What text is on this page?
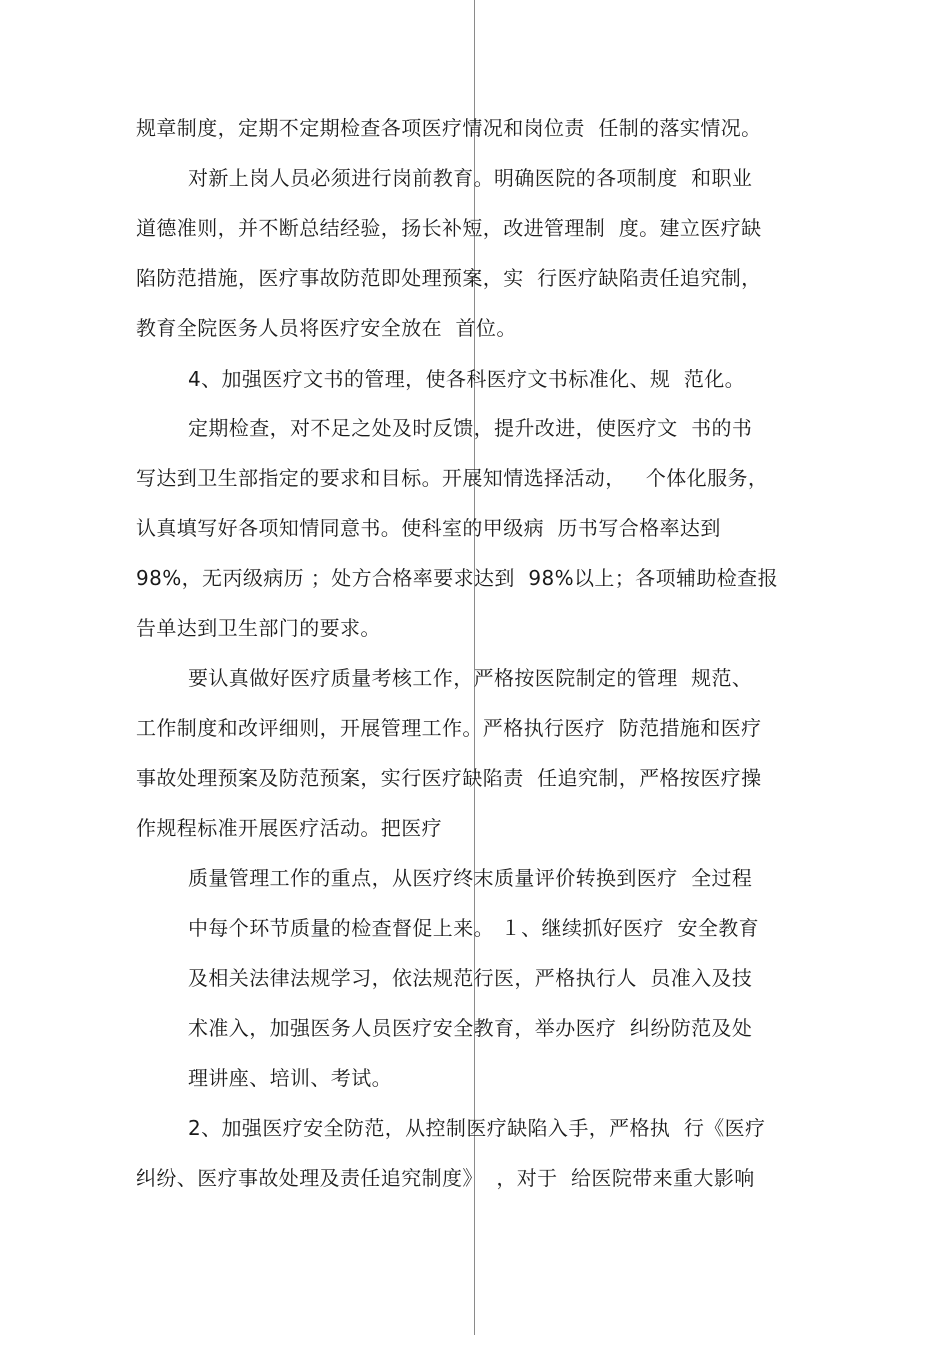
规章制度，定期不定期检查各项医疗情况和岗位责  任制的落实情况。
对新上岗人员必须进行岗前教育。明确医院的各项制度  和职业
道德准则，并不断总结经验，扬长补短，改进管理制  度。建立医疗缺
陷防范措施，医疗事故防范即处理预案，实  行医疗缺陷责任追究制，
教育全院医务人员将医疗安全放在  首位。
4、加强医疗文书的管理，使各科医疗文书标准化、规  范化。
定期检查，对不足之处及时反馈，提升改进，使医疗文  书的书
写达到卫生部指定的要求和目标。开展知情选择活动，   个体化服务，
认真填写好各项知情同意书。使科室的甲级病  历书写合格率达到
98%，无丙级病历 ；处方合格率要求达到  98%以上；各项辅助检查报
告单达到卫生部门的要求。
要认真做好医疗质量考核工作，严格按医院制定的管理  规范、
工作制度和改评细则，开展管理工作。严格执行医疗  防范措施和医疗
事故处理预案及防范预案，实行医疗缺陷责  任追究制，严格按医疗操
作规程标准开展医疗活动。把医疗
质量管理工作的重点，从医疗终末质量评价转换到医疗  全过程
中每个环节质量的检查督促上来。 １、继续抓好医疗  安全教育
及相关法律法规学习，依法规范行医，严格执行人  员准入及技
术准入，加强医务人员医疗安全教育，举办医疗  纠纷防范及处
理讲座、培训、考试。
2、加强医疗安全防范，从控制医疗缺陷入手，严格执  行《医疗
纠纷、医疗事故处理及责任追究制度》  ，对于  给医院带来重大影响
